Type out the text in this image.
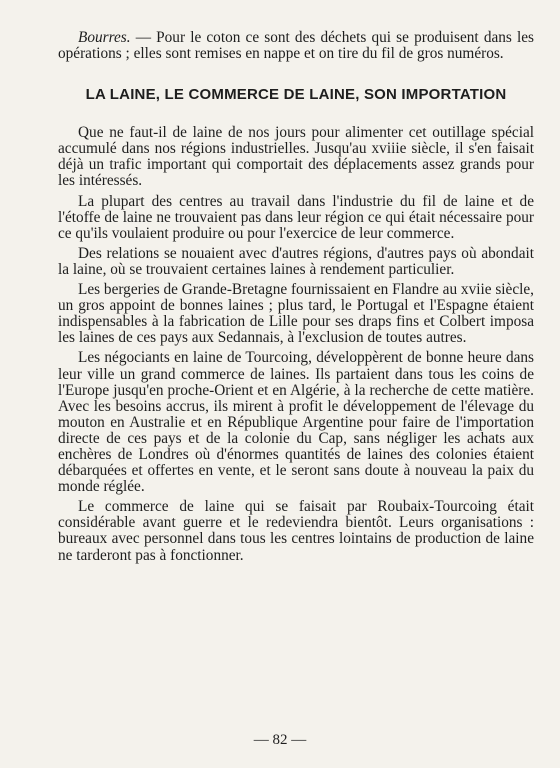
Bourres. — Pour le coton ce sont des déchets qui se produisent dans les opérations ; elles sont remises en nappe et on tire du fil de gros numéros.

LA LAINE, LE COMMERCE DE LAINE, SON IMPORTATION

Que ne faut-il de laine de nos jours pour alimenter cet outillage spécial accumulé dans nos régions industrielles. Jusqu'au xviiie siècle, il s'en faisait déjà un trafic important qui comportait des déplacements assez grands pour les intéressés.

La plupart des centres au travail dans l'industrie du fil de laine et de l'étoffe de laine ne trouvaient pas dans leur région ce qui était nécessaire pour ce qu'ils voulaient produire ou pour l'exercice de leur commerce.

Des relations se nouaient avec d'autres régions, d'autres pays où abondait la laine, où se trouvaient certaines laines à rendement particulier.

Les bergeries de Grande-Bretagne fournissaient en Flandre au xviie siècle, un gros appoint de bonnes laines ; plus tard, le Portugal et l'Espagne étaient indispensables à la fabrication de Lille pour ses draps fins et Colbert imposa les laines de ces pays aux Sedannais, à l'exclusion de toutes autres.

Les négociants en laine de Tourcoing, développèrent de bonne heure dans leur ville un grand commerce de laines. Ils partaient dans tous les coins de l'Europe jusqu'en proche-Orient et en Algérie, à la recherche de cette matière. Avec les besoins accrus, ils mirent à profit le développement de l'élevage du mouton en Australie et en République Argentine pour faire de l'importation directe de ces pays et de la colonie du Cap, sans négliger les achats aux enchères de Londres où d'énormes quantités de laines des colonies étaient débarquées et offertes en vente, et le seront sans doute à nouveau la paix du monde réglée.

Le commerce de laine qui se faisait par Roubaix-Tourcoing était considérable avant guerre et le redeviendra bientôt. Leurs organisations : bureaux avec personnel dans tous les centres lointains de production de laine ne tarderont pas à fonctionner.

— 82 —
